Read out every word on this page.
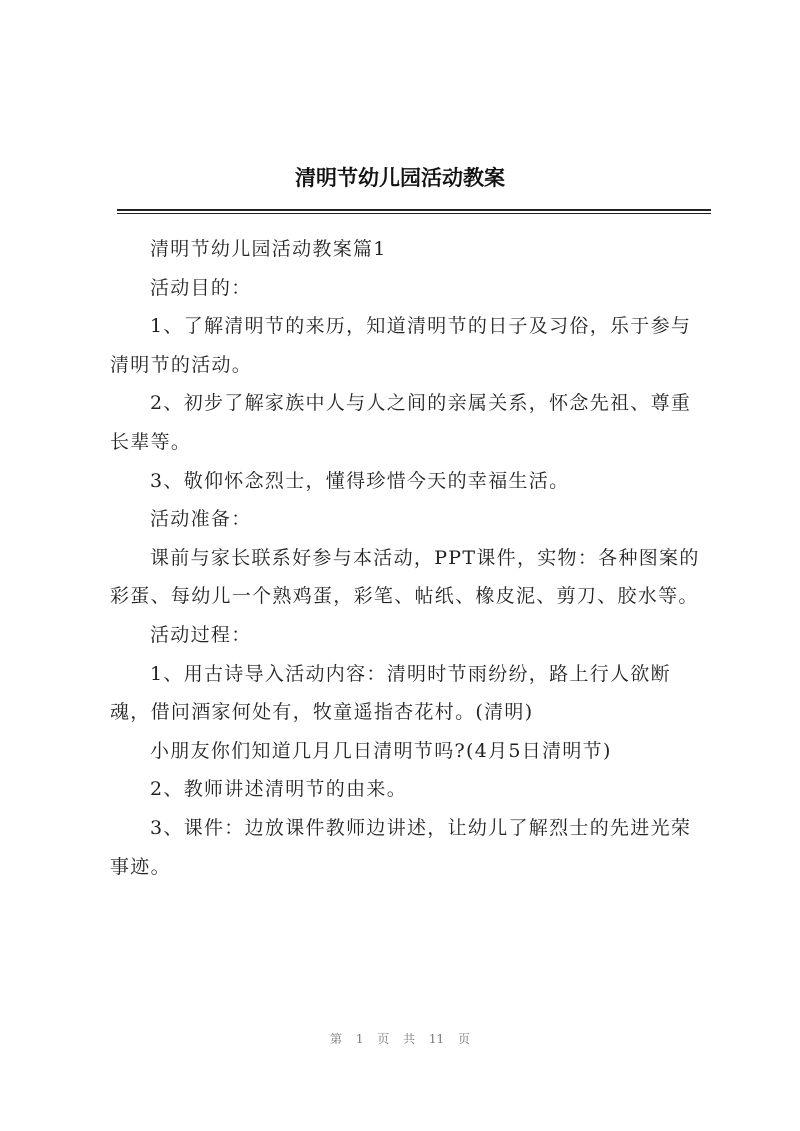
清明节幼儿园活动教案

清明节幼儿园活动教案篇1

活动目的：

1、了解清明节的来历，知道清明节的日子及习俗，乐于参与清明节的活动。

2、初步了解家族中人与人之间的亲属关系，怀念先祖、尊重长辈等。

3、敬仰怀念烈士，懂得珍惜今天的幸福生活。

活动准备：

课前与家长联系好参与本活动，PPT课件，实物：各种图案的彩蛋、每幼儿一个熟鸡蛋，彩笔、帖纸、橡皮泥、剪刀、胶水等。

活动过程：

1、用古诗导入活动内容：清明时节雨纷纷，路上行人欲断魂，借问酒家何处有，牧童遥指杏花村。(清明)

小朋友你们知道几月几日清明节吗?(4月5日清明节)

2、教师讲述清明节的由来。

3、课件：边放课件教师边讲述，让幼儿了解烈士的先进光荣事迹。

第 1 页 共 11 页
